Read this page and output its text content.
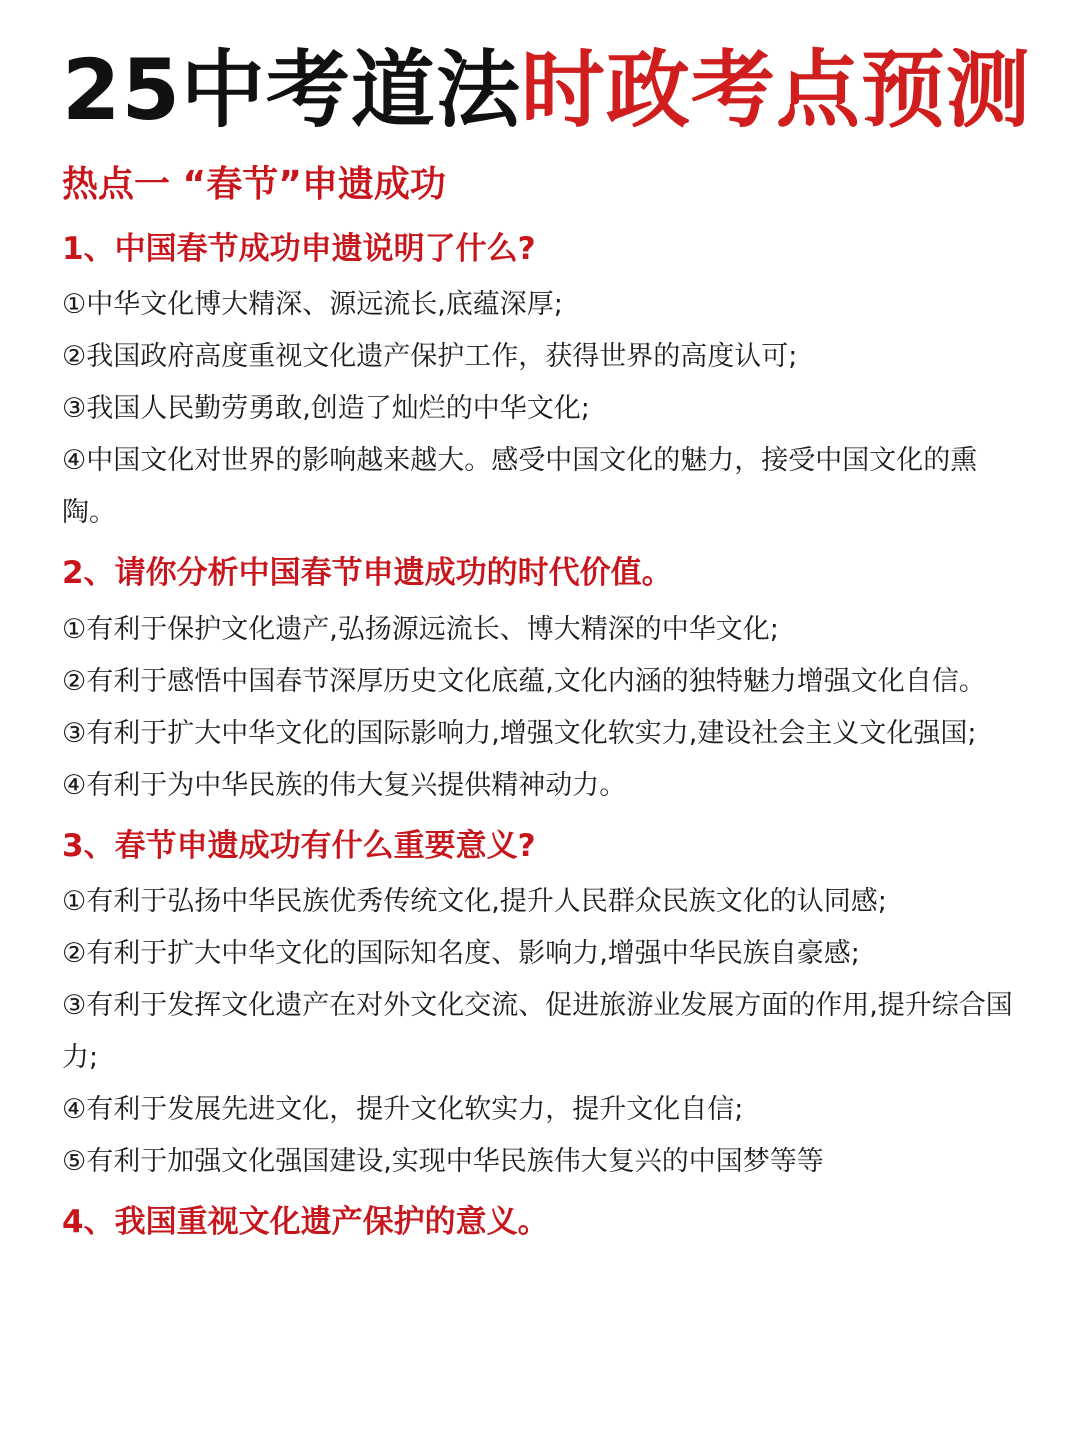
25中考道法时政考点预测
热点一 “春节”申遗成功
1、中国春节成功申遗说明了什么?

①中华文化博大精深、源远流长,底蕴深厚;

②我国政府高度重视文化遗产保护工作，获得世界的高度认可;

③我国人民勤劳勇敢,创造了灿烂的中华文化;

④中国文化对世界的影响越来越大。感受中国文化的魅力，接受中国文化的熏陶。

2、请你分析中国春节申遗成功的时代价值。

①有利于保护文化遗产,弘扬源远流长、博大精深的中华文化;

②有利于感悟中国春节深厚历史文化底蕴,文化内涵的独特魅力增强文化自信。

③有利于扩大中华文化的国际影响力,增强文化软实力,建设社会主义文化强国;

④有利于为中华民族的伟大复兴提供精神动力。

3、春节申遗成功有什么重要意义?

①有利于弘扬中华民族优秀传统文化,提升人民群众民族文化的认同感;

②有利于扩大中华文化的国际知名度、影响力,增强中华民族自豪感;

③有利于发挥文化遗产在对外文化交流、促进旅游业发展方面的作用,提升综合国力;

④有利于发展先进文化，提升文化软实力，提升文化自信;

⑤有利于加强文化强国建设,实现中华民族伟大复兴的中国梦等等

4、我国重视文化遗产保护的意义。
